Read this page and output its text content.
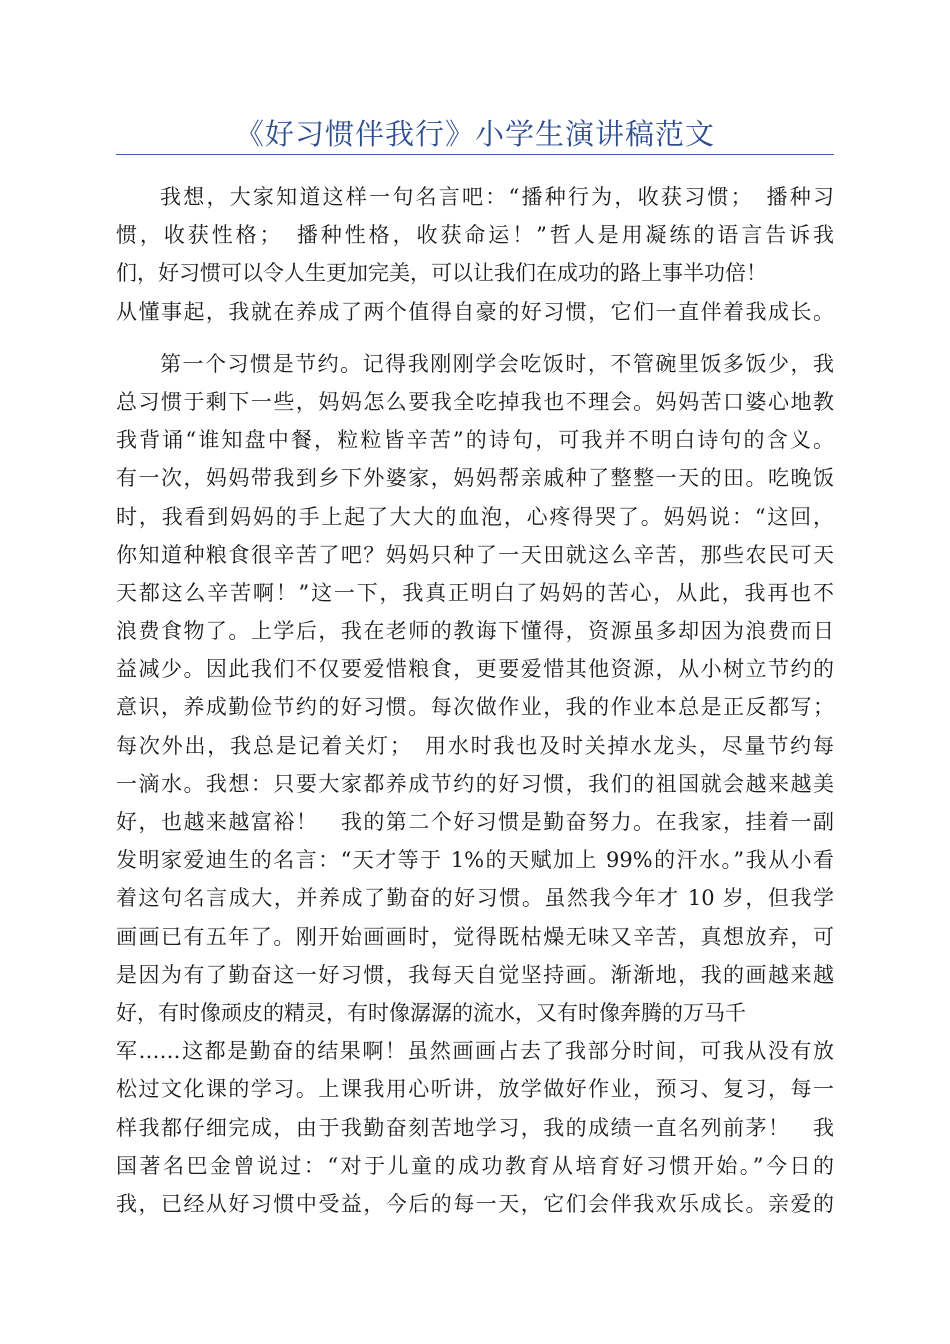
《好习惯伴我行》小学生演讲稿范文
我想，大家知道这样一句名言吧：“播种行为，收获习惯；　播种习
惯，收获性格；　播种性格，收获命运！”哲人是用凝练的语言告诉我
们，好习惯可以令人生更加完美，可以让我们在成功的路上事半功倍！
从懂事起，我就在养成了两个值得自豪的好习惯，它们一直伴着我成长。
第一个习惯是节约。记得我刚刚学会吃饭时，不管碗里饭多饭少，我
总习惯于剩下一些，妈妈怎么要我全吃掉我也不理会。妈妈苦口婆心地教
我背诵“谁知盘中餐，粒粒皆辛苦”的诗句，可我并不明白诗句的含义。
有一次，妈妈带我到乡下外婆家，妈妈帮亲戚种了整整一天的田。吃晚饭
时，我看到妈妈的手上起了大大的血泡，心疼得哭了。妈妈说：“这回，
你知道种粮食很辛苦了吧？妈妈只种了一天田就这么辛苦，那些农民可天
天都这么辛苦啊！”这一下，我真正明白了妈妈的苦心，从此，我再也不
浪费食物了。上学后，我在老师的教诲下懂得，资源虽多却因为浪费而日
益减少。因此我们不仅要爱惜粮食，更要爱惜其他资源，从小树立节约的
意识，养成勤俭节约的好习惯。每次做作业，我的作业本总是正反都写；
每次外出，我总是记着关灯；　用水时我也及时关掉水龙头，尽量节约每
一滴水。我想：只要大家都养成节约的好习惯，我们的祖国就会越来越美
好，也越来越富裕！　我的第二个好习惯是勤奋努力。在我家，挂着一副
发明家爱迪生的名言：“天才等于 1%的天赋加上 99%的汗水。”我从小看
着这句名言成大，并养成了勤奋的好习惯。虽然我今年才 10 岁，但我学
画画已有五年了。刚开始画画时，觉得既枯燥无味又辛苦，真想放弃，可
是因为有了勤奋这一好习惯，我每天自觉坚持画。渐渐地，我的画越来越
好，有时像顽皮的精灵，有时像潺潺的流水，又有时像奔腾的万马千
军……这都是勤奋的结果啊！虽然画画占去了我部分时间，可我从没有放
松过文化课的学习。上课我用心听讲，放学做好作业，预习、复习，每一
样我都仔细完成，由于我勤奋刻苦地学习，我的成绩一直名列前茅！　我
国著名巴金曾说过：“对于儿童的成功教育从培育好习惯开始。”今日的
我，已经从好习惯中受益，今后的每一天，它们会伴我欢乐成长。亲爱的
